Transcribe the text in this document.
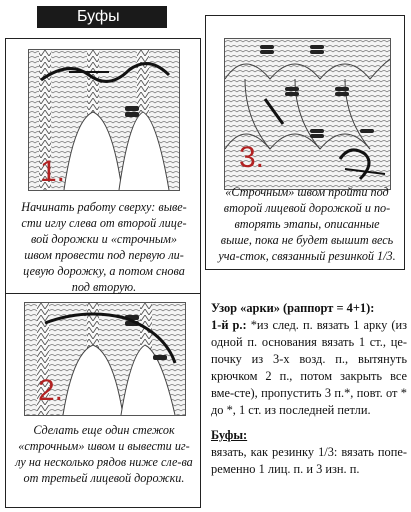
Буфы
1.
Начинать работу сверху: выве-сти иглу слева от второй лице-вой дорожки и «строчным» швом провести под первую ли-цевую дорожку, а потом снова под вторую.
2.
Сделать еще один стежок «строчным» швом и вывести иг-лу на несколько рядов ниже сле-ва от третьей лицевой дорожки.
3.
«Строчным» швом пройти под второй лицевой дорожкой и по-вторять этапы, описанные выше, пока не будет вышит весь уча-сток, связанный резинкой 1/3.

Узор «арки» (раппорт = 4+1):
1-й р.: *из след. п. вязать 1 арку (из одной п. основания вязать 1 ст., це-почку из 3-х возд. п., вытянуть крючком 2 п., потом закрыть все вме-сте), пропустить 3 п.*, повт. от * до *, 1 ст. из последней петли.

Буфы:
вязать, как резинку 1/3: вязать попе-ременно 1 лиц. п. и 3 изн. п.
